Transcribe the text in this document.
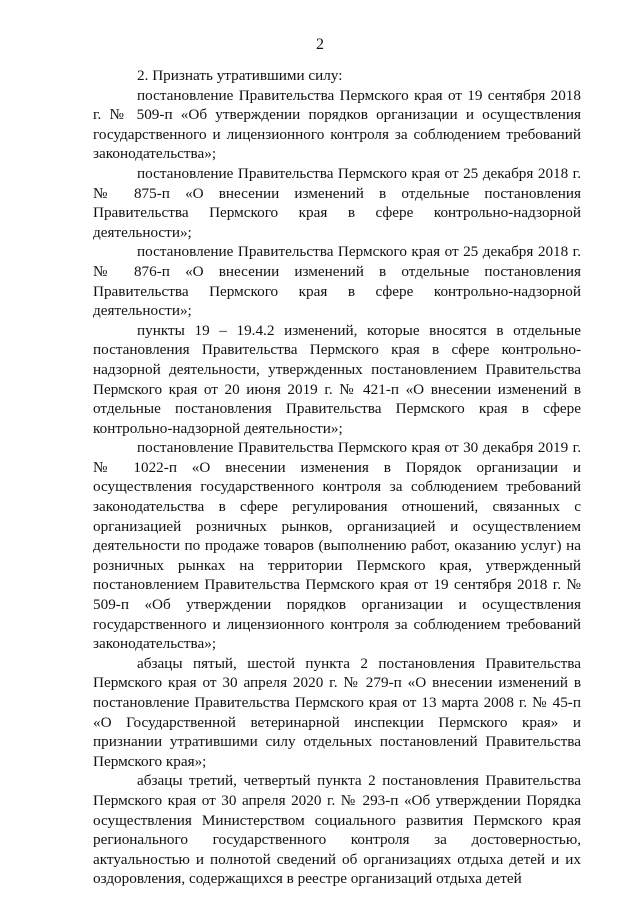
2

2. Признать утратившими силу:

постановление Правительства Пермского края от 19 сентября 2018 г. № 509-п «Об утверждении порядков организации и осуществления государственного и лицензионного контроля за соблюдением требований законодательства»;

постановление Правительства Пермского края от 25 декабря 2018 г. № 875-п «О внесении изменений в отдельные постановления Правительства Пермского края в сфере контрольно-надзорной деятельности»;

постановление Правительства Пермского края от 25 декабря 2018 г. № 876-п «О внесении изменений в отдельные постановления Правительства Пермского края в сфере контрольно-надзорной деятельности»;

пункты 19 – 19.4.2 изменений, которые вносятся в отдельные постановления Правительства Пермского края в сфере контрольно-надзорной деятельности, утвержденных постановлением Правительства Пермского края от 20 июня 2019 г. № 421-п «О внесении изменений в отдельные постановления Правительства Пермского края в сфере контрольно-надзорной деятельности»;

постановление Правительства Пермского края от 30 декабря 2019 г. № 1022-п «О внесении изменения в Порядок организации и осуществления государственного контроля за соблюдением требований законодательства в сфере регулирования отношений, связанных с организацией розничных рынков, организацией и осуществлением деятельности по продаже товаров (выполнению работ, оказанию услуг) на розничных рынках на территории Пермского края, утвержденный постановлением Правительства Пермского края от 19 сентября 2018 г. № 509-п «Об утверждении порядков организации и осуществления государственного и лицензионного контроля за соблюдением требований законодательства»;

абзацы пятый, шестой пункта 2 постановления Правительства Пермского края от 30 апреля 2020 г. № 279-п «О внесении изменений в постановление Правительства Пермского края от 13 марта 2008 г. № 45-п «О Государственной ветеринарной инспекции Пермского края» и признании утратившими силу отдельных постановлений Правительства Пермского края»;

абзацы третий, четвертый пункта 2 постановления Правительства Пермского края от 30 апреля 2020 г. № 293-п «Об утверждении Порядка осуществления Министерством социального развития Пермского края регионального государственного контроля за достоверностью, актуальностью и полнотой сведений об организациях отдыха детей и их оздоровления, содержащихся в реестре организаций отдыха детей
